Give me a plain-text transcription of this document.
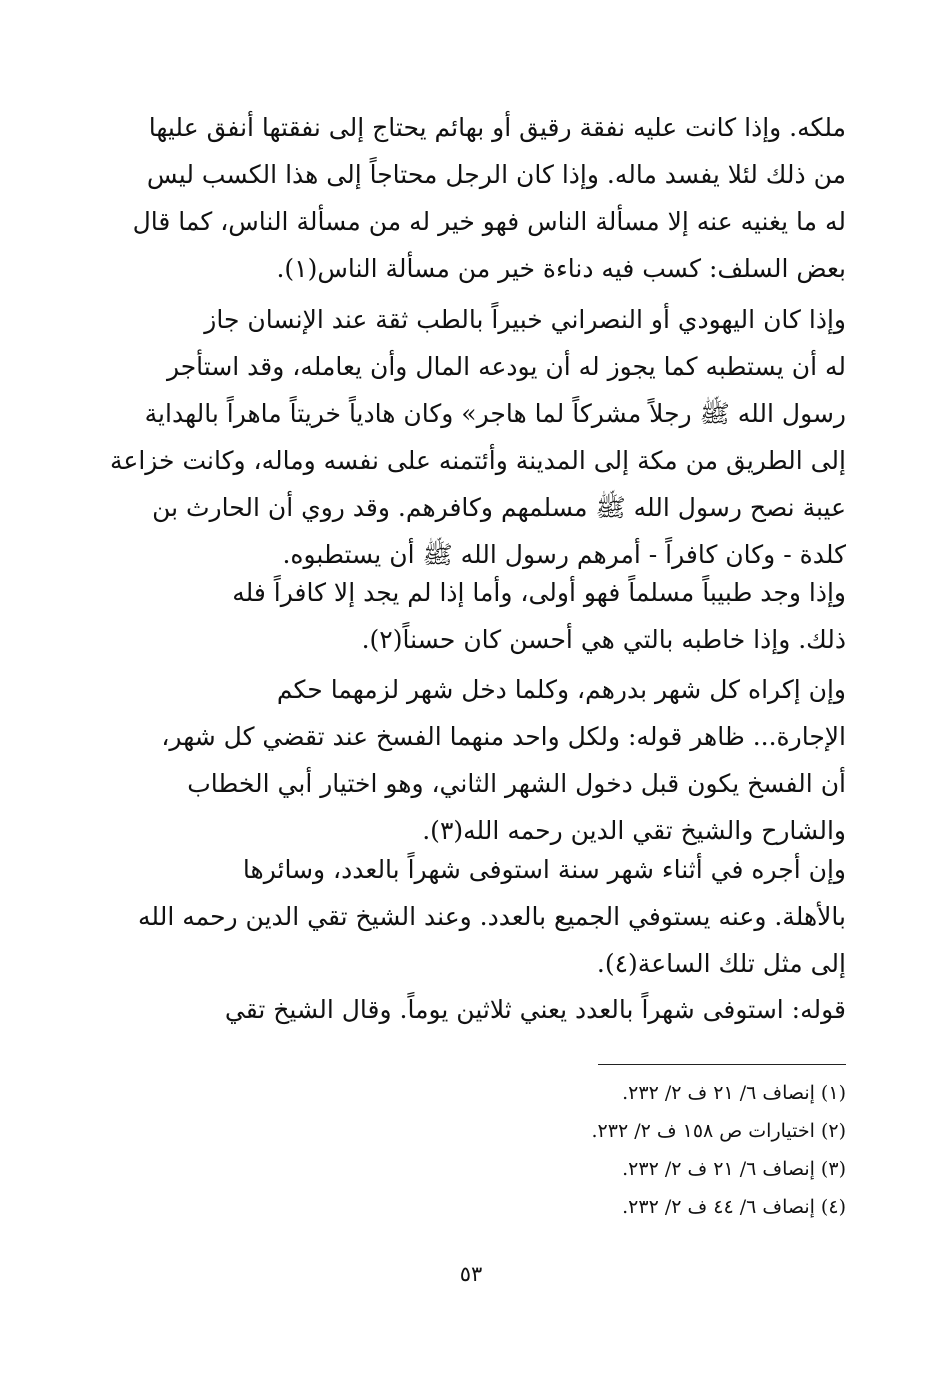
ملكه. وإذا كانت عليه نفقة رقيق أو بهائم يحتاج إلى نفقتها أنفق عليها
من ذلك لئلا يفسد ماله. وإذا كان الرجل محتاجاً إلى هذا الكسب ليس
له ما يغنيه عنه إلا مسألة الناس فهو خير له من مسألة الناس، كما قال
بعض السلف: كسب فيه دناءة خير من مسألة الناس(١).

وإذا كان اليهودي أو النصراني خبيراً بالطب ثقة عند الإنسان جاز
له أن يستطبه كما يجوز له أن يودعه المال وأن يعامله، وقد استأجر
رسول الله ﷺ رجلاً مشركاً لما هاجر» وكان هادياً خريتاً ماهراً بالهداية
إلى الطريق من مكة إلى المدينة وأئتمنه على نفسه وماله، وكانت خزاعة
عيبة نصح رسول الله ﷺ مسلمهم وكافرهم. وقد روي أن الحارث بن
كلدة - وكان كافراً - أمرهم رسول الله ﷺ أن يستطبوه.

وإذا وجد طبيباً مسلماً فهو أولى، وأما إذا لم يجد إلا كافراً فله
ذلك. وإذا خاطبه بالتي هي أحسن كان حسناً(٢).

وإن إكراه كل شهر بدرهم، وكلما دخل شهر لزمهما حكم
الإجارة... ظاهر قوله: ولكل واحد منهما الفسخ عند تقضي كل شهر،
أن الفسخ يكون قبل دخول الشهر الثاني، وهو اختيار أبي الخطاب
والشارح والشيخ تقي الدين رحمه الله(٣).

وإن أجره في أثناء شهر سنة استوفى شهراً بالعدد، وسائرها
بالأهلة. وعنه يستوفي الجميع بالعدد. وعند الشيخ تقي الدين رحمه الله
إلى مثل تلك الساعة(٤).

قوله: استوفى شهراً بالعدد يعني ثلاثين يوماً. وقال الشيخ تقي

(١) إنصاف ٦/ ٢١ ف ٢/ ٢٣٢.
(٢) اختيارات ص ١٥٨ ف ٢/ ٢٣٢.
(٣) إنصاف ٦/ ٢١ ف ٢/ ٢٣٢.
(٤) إنصاف ٦/ ٤٤ ف ٢/ ٢٣٢.
٥٣
